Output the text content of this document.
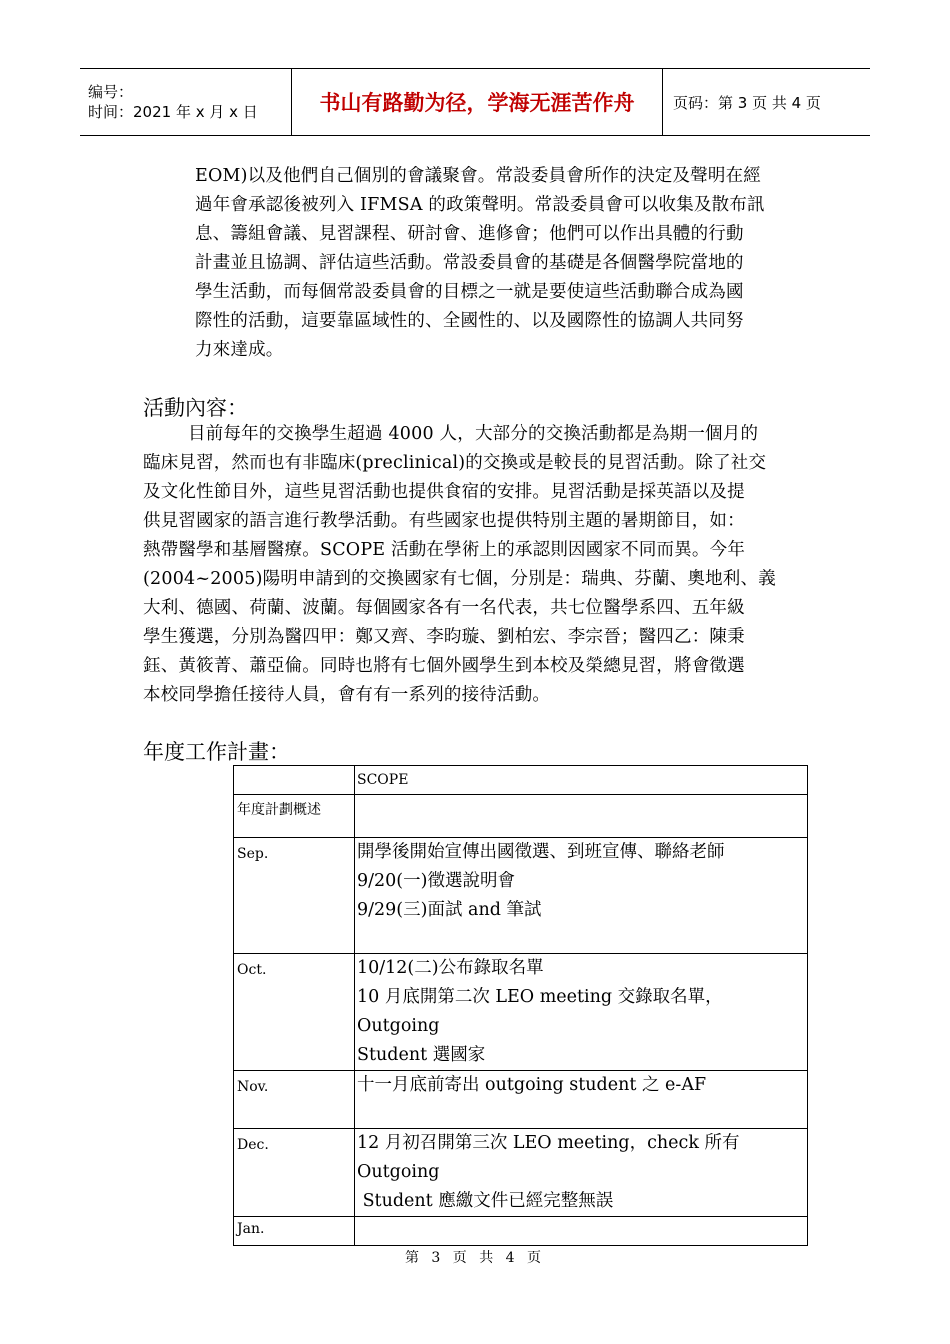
编号：
时间：2021 年 x 月 x 日	书山有路勤为径，学海无涯苦作舟	页码：第 3 页 共 4 页

EOM)以及他們自己個別的會議聚會。常設委員會所作的決定及聲明在經

過年會承認後被列入 IFMSA 的政策聲明。常設委員會可以收集及散布訊

息、籌組會議、見習課程、研討會、進修會；他們可以作出具體的行動

計畫並且協調、評估這些活動。常設委員會的基礎是各個醫學院當地的

學生活動，而每個常設委員會的目標之一就是要使這些活動聯合成為國

際性的活動，這要靠區域性的、全國性的、以及國際性的協調人共同努

力來達成。

活動內容：

目前每年的交換學生超過 4000 人，大部分的交換活動都是為期一個月的

臨床見習，然而也有非臨床(preclinical)的交換或是較長的見習活動。除了社交

及文化性節目外，這些見習活動也提供食宿的安排。見習活動是採英語以及提

供見習國家的語言進行教學活動。有些國家也提供特別主題的暑期節目，如：

熱帶醫學和基層醫療。SCOPE 活動在學術上的承認則因國家不同而異。今年

(2004~2005)陽明申請到的交換國家有七個，分別是：瑞典、芬蘭、奧地利、義

大利、德國、荷蘭、波蘭。每個國家各有一名代表，共七位醫學系四、五年級

學生獲選，分別為醫四甲：鄭又齊、李昀璇、劉柏宏、李宗晉；醫四乙：陳秉

鈺、黃筱菁、蕭亞倫。同時也將有七個外國學生到本校及榮總見習，將會徵選

本校同學擔任接待人員，會有有一系列的接待活動。

年度工作計畫：
	SCOPE
年度計劃概述	
Sep.	開學後開始宣傳出國徵選、到班宣傳、聯絡老師
9/20(一)徵選說明會
9/29(三)面試 and 筆試

Oct.	10/12(二)公布錄取名單
10 月底開第二次 LEO meeting 交錄取名單，Outgoing
Student 選國家

Nov.	十一月底前寄出 outgoing student 之 e-AF

Dec.	12 月初召開第三次 LEO meeting，check 所有 Outgoing
Student 應繳文件已經完整無誤

Jan.	
第 3 页 共 4 页
